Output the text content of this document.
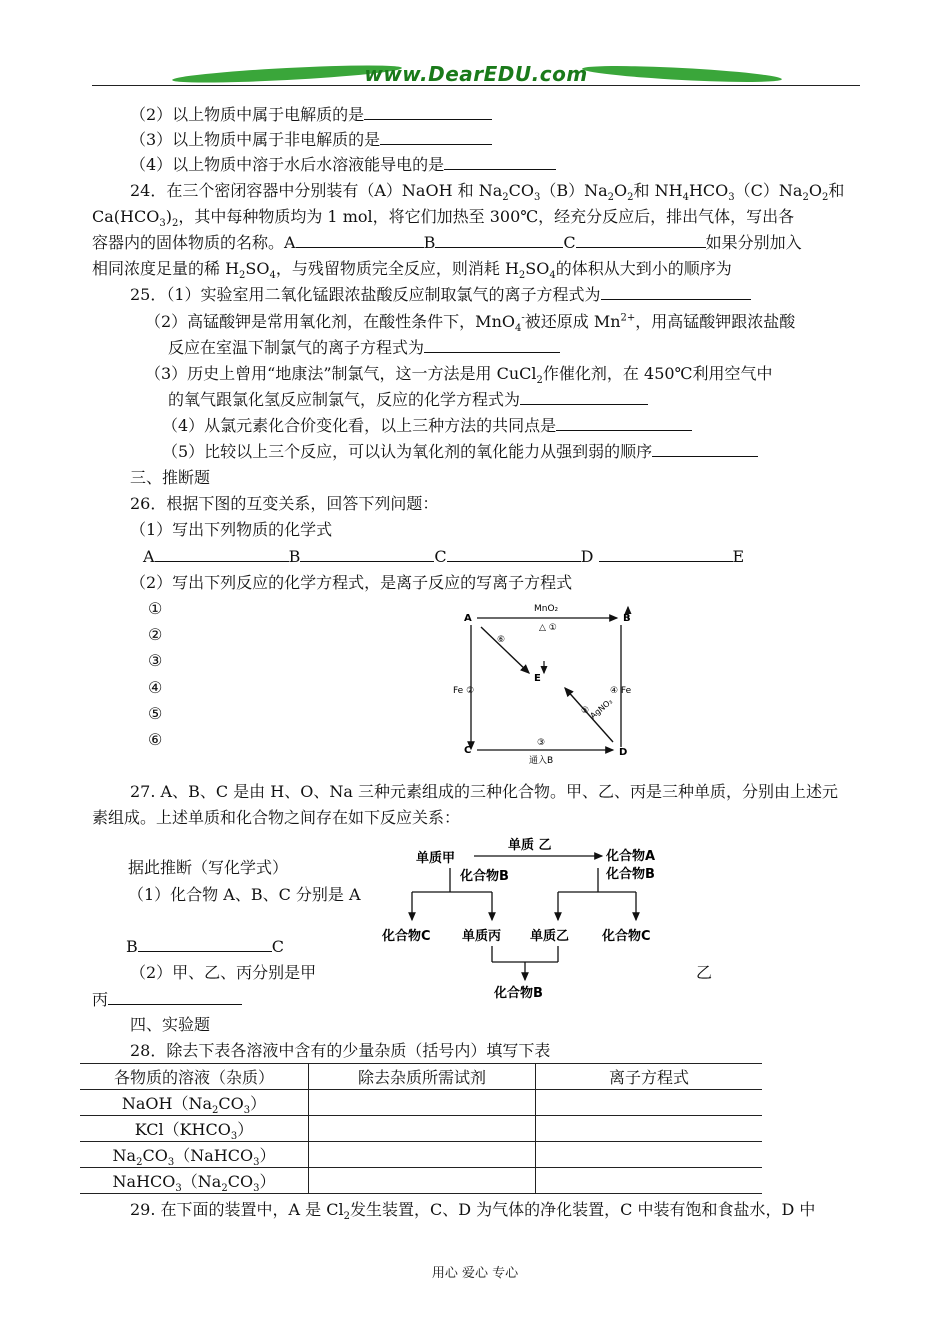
www.DearEDU.com
（2）以上物质中属于电解质的是
（3）以上物质中属于非电解质的是
（4）以上物质中溶于水后水溶液能导电的是
24．在三个密闭容器中分别装有（A）NaOH 和 $Na_2CO_3(B)Na_2O_2$和 $NH_4HCO_3(C)Na_2O_2$和
$Ca(HCO_3)_2$，其中每种物质均为 1 mol，将它们加热至 300℃，经充分反应后，排出气体，写出各
容器内的固体物质的名称。A	B	C	如果分别加入
相同浓度足量的稀 $H_2SO_4$，与残留物质完全反应，则消耗 $H_2SO_4$的体积从大到小的顺序为
25．（1）实验室用二氧化锰跟浓盐酸反应制取氯气的离子方程式为
（2）高锰酸钾是常用氧化剂，在酸性条件下，MnO$_4$-被还原成 $Mn^{2+}$，用高锰酸钾跟浓盐酸
反应在室温下制氯气的离子方程式为
（3）历史上曾用“地康法”制氯气，这一方法是用 CuCl$_2$作催化剂，在 450℃利用空气中
的氧气跟氯化氢反应制氯气，反应的化学方程式为
（4）从氯元素化合价变化看，以上三种方法的共同点是
（5）比较以上三个反应，可以认为氧化剂的氧化能力从强到弱的顺序
三、推断题
26．根据下图的互变关系，回答下列问题：
（1）写出下列物质的化学式
A	B	C	D	E
（2）写出下列反应的化学方程式，是离子反应的写离子方程式
①
②
③
④
⑤
⑥
A	B
C	D
E
MnO₂
△ ①
Fe ②	④ Fe
③
通入B
⑤ AgNO₃
⑥
27. A、B、C 是由 H、O、Na 三种元素组成的三种化合物。甲、乙、丙是三种单质，分别由上述元
素组成。上述单质和化合物之间存在如下反应关系：
据此推断（写化学式）
（1）化合物 A、B、C 分别是 A
B	C
（2）甲、乙、丙分别是甲	乙
丙
单质甲
单质 乙
化合物A
化合物B	化合物B
化合物C 单质丙 单质乙	化合物C
化合物B
四、实验题
28．除去下表各溶液中含有的少量杂质（括号内）填写下表
各物质的溶液（杂质）	除去杂质所需试剂	离子方程式
$NaOH(Na_2CO_3)$		
$KCl(KHCO_3)$		
$Na_2CO_3(NaHCO_3)$		
$NaHCO_3(Na_2CO_3)$		
29. 在下面的装置中，A 是 $Cl_2$发生装置，C、D 为气体的净化装置，C 中装有饱和食盐水，D 中
用心 爱心 专心
